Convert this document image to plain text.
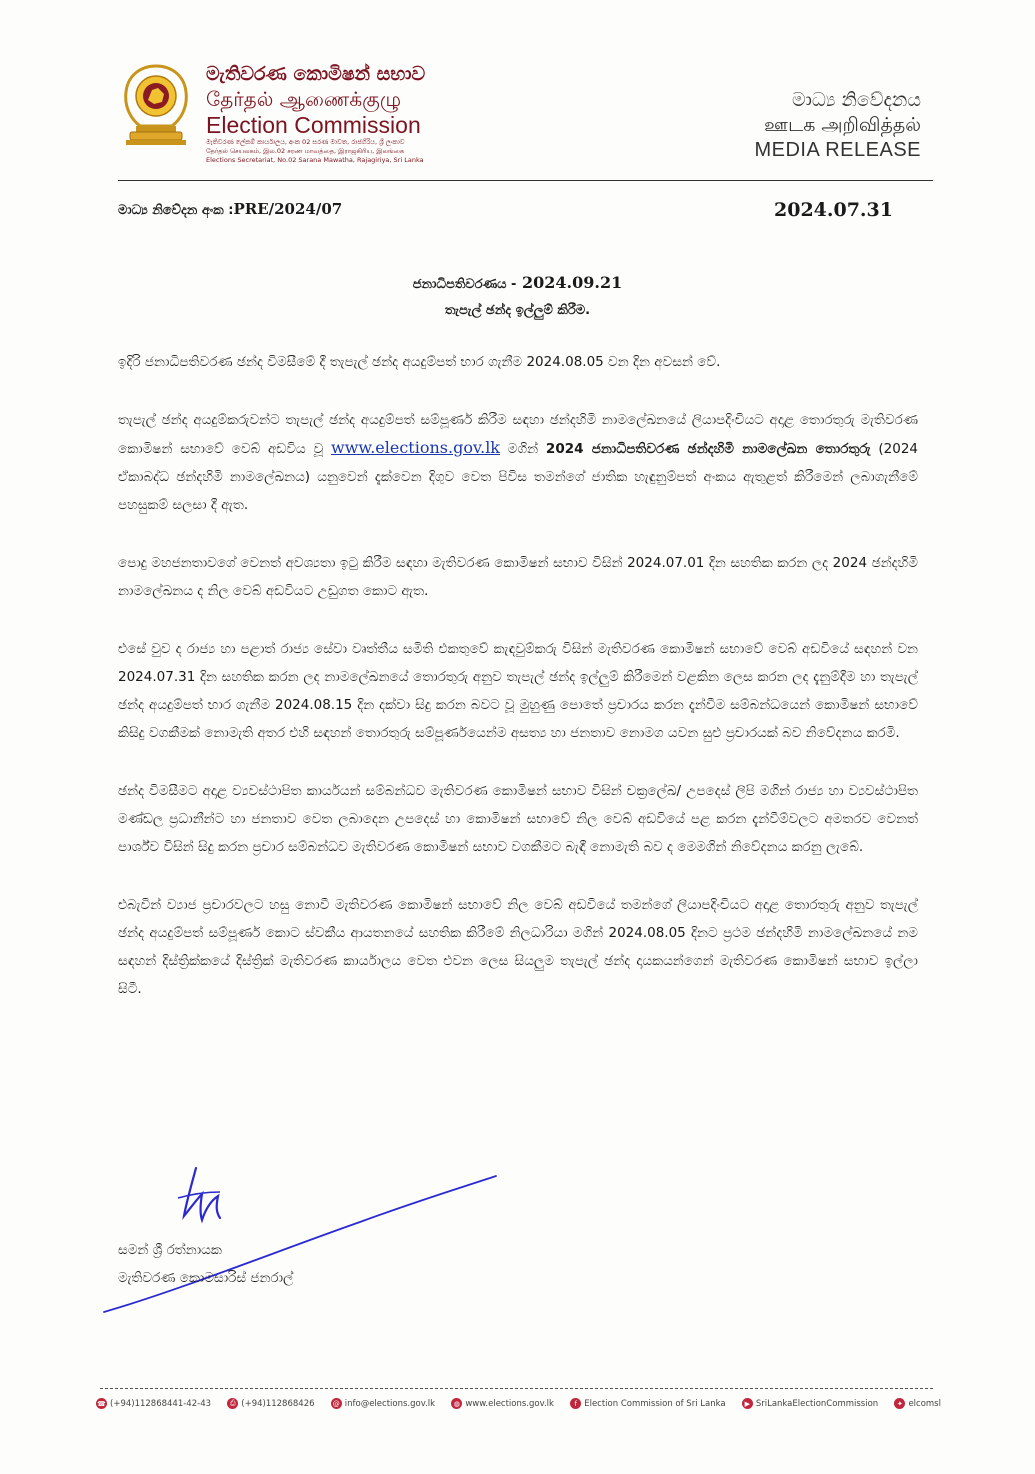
මැතිවරණ කොමිෂන් සභාව
தேர்தல் ஆணைக்குழு
Election Commission
මැතිවරණ ලේකම් කාර්යාලය, අංක 02 සරණ මාවත, රාජගිරිය, ශ්‍රී ලංකාව
தேர்தல் செயலகம், இல.02 சரண மாவத்தை, இராஜகிரிய, இலங்கை
Elections Secretariat, No.02 Sarana Mawatha, Rajagiriya, Sri Lanka
මාධ්‍ය නිවේදනය
ஊடக அறிவித்தல்
MEDIA RELEASE
මාධ්‍ය නිවේදන අංක :PRE/2024/07	2024.07.31
ජනාධිපතිවරණය - 2024.09.21
තැපැල් ඡන්ද ඉල්ලුම් කිරීම.

ඉදිරි ජනාධිපතිවරණ ඡන්ද විමසීමේ දී තැපැල් ඡන්ද අයදුම්පත් භාර ගැනීම 2024.08.05 වන දින අවසන් වේ.

තැපැල් ඡන්ද අයදුම්කරුවන්ට තැපැල් ඡන්ද අයදුම්පත් සම්පූර්ණ කිරීම සඳහා ඡන්දහිමි නාමලේඛනයේ ලියාපදිංචියට අදාළ තොරතුරු මැතිවරණ කොමිෂන් සභාවේ වෙබ් අඩවිය වූ www.elections.gov.lk මගින් 2024 ජනාධිපතිවරණ ඡන්දහිමි නාමලේඛන තොරතුරු (2024 ඒකාබද්ධ ඡන්දහිමි නාමලේඛනය) යනුවෙන් දැක්වෙන දිගුව වෙත පිවිස තමන්ගේ ජාතික හැඳුනුම්පත් අංකය ඇතුළත් කිරීමෙන් ලබාගැනීමේ පහසුකම් සලසා දී ඇත.

පොදු මහජනතාවගේ වෙනත් අවශ්‍යතා ඉටු කිරීම සඳහා මැතිවරණ කොමිෂන් සභාව විසින් 2024.07.01 දින සහතික කරන ලද 2024 ඡන්දහිමි නාමලේඛනය ද නිල වෙබ් අඩවියට උඩුගත කොට ඇත.

එසේ වුව ද රාජ්‍ය හා පළාත් රාජ්‍ය සේවා වෘත්තීය සමිති එකතුවේ කැඳවුම්කරු විසින් මැතිවරණ කොමිෂන් සභාවේ වෙබ් අඩවියේ සඳහන් වන 2024.07.31 දින සහතික කරන ලද නාමලේඛනයේ තොරතුරු අනුව තැපැල් ඡන්ද ඉල්ලුම් කිරීමෙන් වළකින ලෙස කරන ලද දැනුම්දීම හා තැපැල් ඡන්ද අයදුම්පත් භාර ගැනීම 2024.08.15 දින දක්වා සිදු කරන බවට වූ මුහුණු පොතේ ප්‍රචාරය කරන දැන්වීම සම්බන්ධයෙන් කොමිෂන් සභාවේ කිසිදු වගකීමක් නොමැති අතර එහි සඳහන් තොරතුරු සම්පූර්ණයෙන්ම අසත්‍ය හා ජනතාව නොමග යවන සුළු ප්‍රචාරයක් බව නිවේදනය කරමි.

ඡන්ද විමසීමට අදාළ ව්‍යවස්ථාපිත කාර්යයන් සම්බන්ධව මැතිවරණ කොමිෂන් සභාව විසින් චක්‍රලේඛ/ උපදෙස් ලිපි මගින් රාජ්‍ය හා ව්‍යවස්ථාපිත මණ්ඩල ප්‍රධානීන්ට හා ජනතාව වෙත ලබාදෙන උපදෙස් හා කොමිෂන් සභාවේ නිල වෙබ් අඩවියේ පළ කරන දැන්වීම්වලට අමතරව වෙනත් පාර්ශ්ව විසින් සිදු කරන ප්‍රචාර සම්බන්ධව මැතිවරණ කොමිෂන් සභාව වගකීමට බැඳී නොමැති බව ද මෙමගින් නිවේදනය කරනු ලැබේ.

එබැවින් ව්‍යාජ ප්‍රචාරවලට හසු නොවී මැතිවරණ කොමිෂන් සභාවේ නිල වෙබ් අඩවියේ තමන්ගේ ලියාපදිංචියට අදාළ තොරතුරු අනුව තැපැල් ඡන්ද අයදුම්පත් සම්පූර්ණ කොට ස්වකීය ආයතනයේ සහතික කිරීමේ නිලධාරියා මගින් 2024.08.05 දිනට ප්‍රථම ඡන්දහිමි නාමලේඛනයේ නම සඳහන් දිස්ත්‍රික්කයේ දිස්ත්‍රික් මැතිවරණ කාර්යාලය වෙත එවන ලෙස සියලුම තැපැල් ඡන්ද දායකයන්ගෙන් මැතිවරණ කොමිෂන් සභාව ඉල්ලා සිටී.

සමන් ශ්‍රී රත්නායක
මැතිවරණ කොමසාරිස් ජනරාල්
☎ (+94)112868441-42-43	⎙ (+94)112868426	@ info@elections.gov.lk	◍ www.elections.gov.lk	f Election Commission of Sri Lanka	▶ SriLankaElectionCommission	✦ elcomsl
